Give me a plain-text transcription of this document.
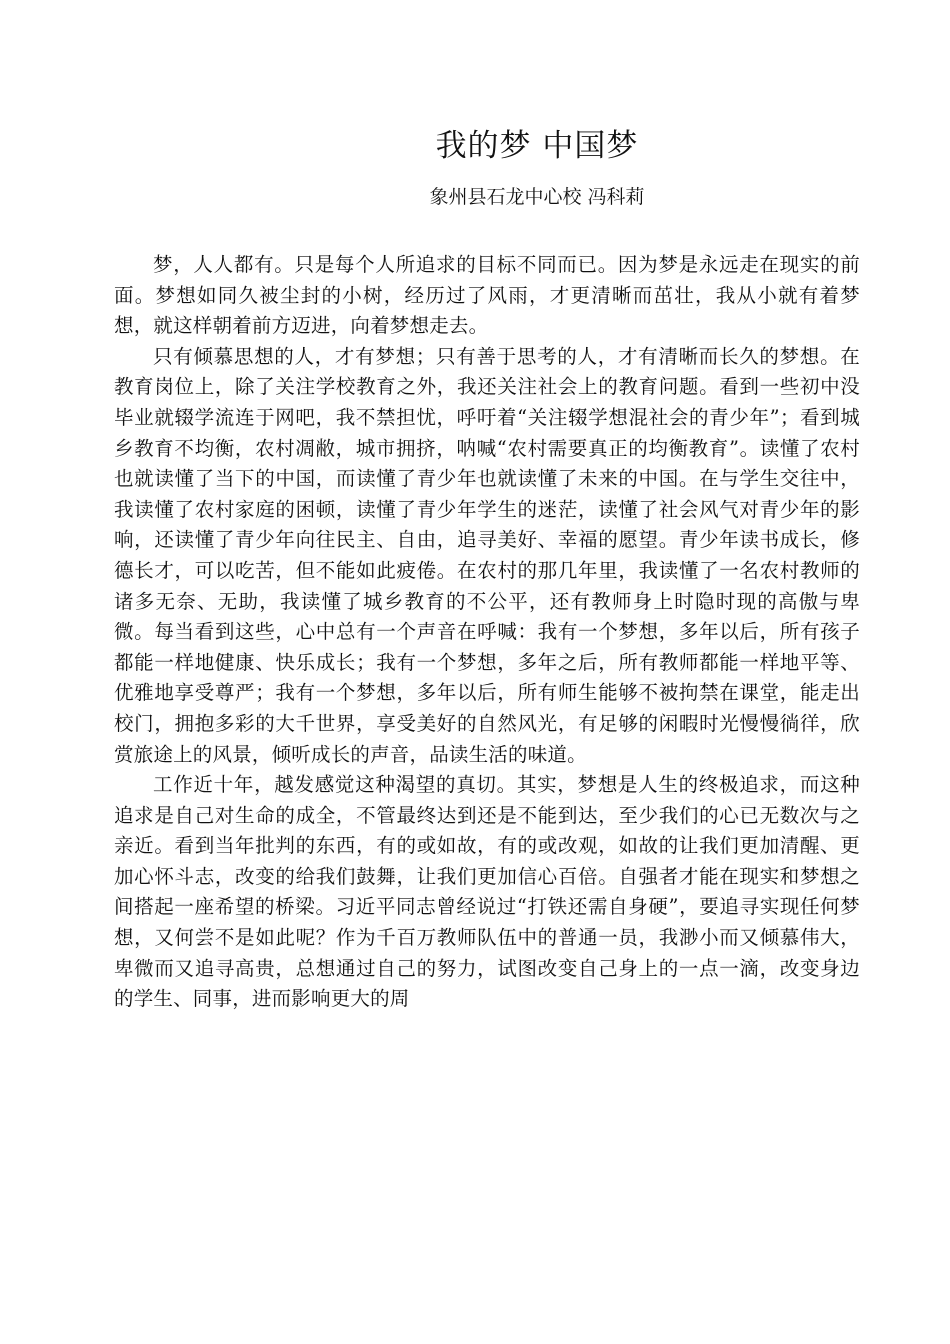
我的梦 中国梦

象州县石龙中心校 冯科莉

梦，人人都有。只是每个人所追求的目标不同而已。因为梦是永远走在现实的前面。梦想如同久被尘封的小树，经历过了风雨，才更清晰而茁壮，我从小就有着梦想，就这样朝着前方迈进，向着梦想走去。

只有倾慕思想的人，才有梦想；只有善于思考的人，才有清晰而长久的梦想。在教育岗位上，除了关注学校教育之外，我还关注社会上的教育问题。看到一些初中没毕业就辍学流连于网吧，我不禁担忧，呼吁着“关注辍学想混社会的青少年”；看到城乡教育不均衡，农村凋敝，城市拥挤，呐喊“农村需要真正的均衡教育”。读懂了农村也就读懂了当下的中国，而读懂了青少年也就读懂了未来的中国。在与学生交往中，我读懂了农村家庭的困顿，读懂了青少年学生的迷茫，读懂了社会风气对青少年的影响，还读懂了青少年向往民主、自由，追寻美好、幸福的愿望。青少年读书成长，修德长才，可以吃苦，但不能如此疲倦。在农村的那几年里，我读懂了一名农村教师的诸多无奈、无助，我读懂了城乡教育的不公平，还有教师身上时隐时现的高傲与卑微。每当看到这些，心中总有一个声音在呼喊：我有一个梦想，多年以后，所有孩子都能一样地健康、快乐成长；我有一个梦想，多年之后，所有教师都能一样地平等、优雅地享受尊严；我有一个梦想，多年以后，所有师生能够不被拘禁在课堂，能走出校门，拥抱多彩的大千世界，享受美好的自然风光，有足够的闲暇时光慢慢徜徉，欣赏旅途上的风景，倾听成长的声音，品读生活的味道。

工作近十年，越发感觉这种渴望的真切。其实，梦想是人生的终极追求，而这种追求是自己对生命的成全，不管最终达到还是不能到达，至少我们的心已无数次与之亲近。看到当年批判的东西，有的或如故，有的或改观，如故的让我们更加清醒、更加心怀斗志，改变的给我们鼓舞，让我们更加信心百倍。自强者才能在现实和梦想之间搭起一座希望的桥梁。习近平同志曾经说过“打铁还需自身硬”，要追寻实现任何梦想，又何尝不是如此呢？作为千百万教师队伍中的普通一员，我渺小而又倾慕伟大，卑微而又追寻高贵，总想通过自己的努力，试图改变自己身上的一点一滴，改变身边的学生、同事，进而影响更大的周
